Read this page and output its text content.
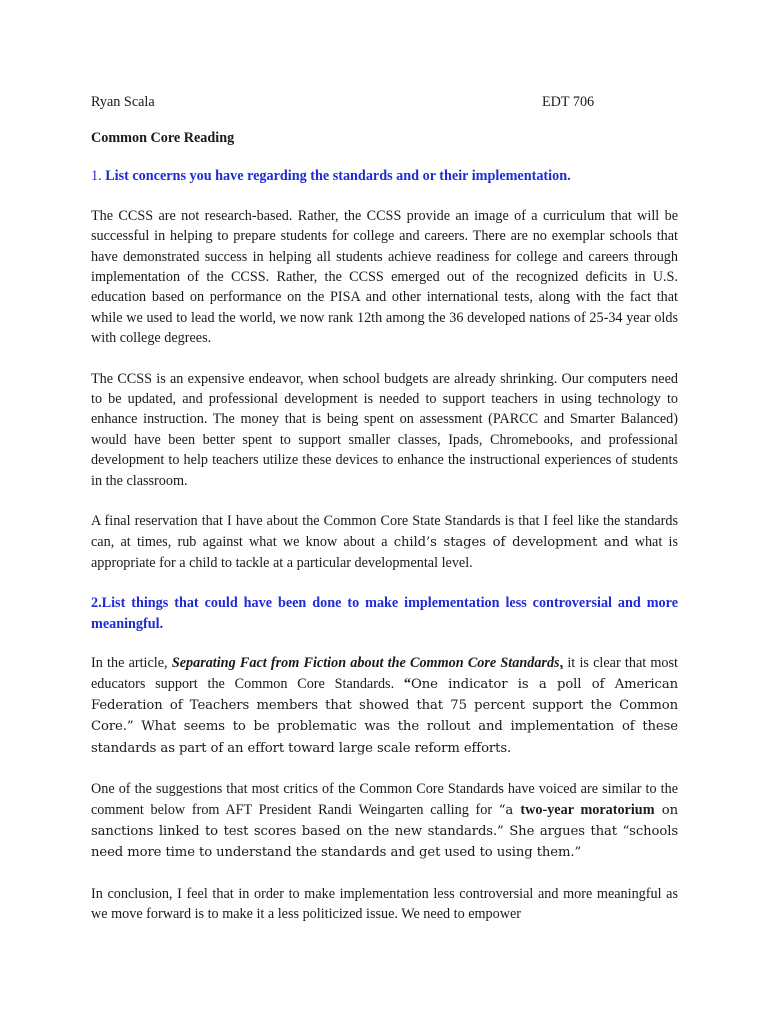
Ryan Scala	EDT 706
Common Core Reading
1. List concerns you have regarding the standards and or their implementation.

The CCSS are not research-based. Rather, the CCSS provide an image of a curriculum that will be successful in helping to prepare students for college and careers. There are no exemplar schools that have demonstrated success in helping all students achieve readiness for college and careers through implementation of the CCSS. Rather, the CCSS emerged out of the recognized deficits in U.S. education based on performance on the PISA and other international tests, along with the fact that while we used to lead the world, we now rank 12th among the 36 developed nations of 25-34 year olds with college degrees.

The CCSS is an expensive endeavor, when school budgets are already shrinking. Our computers need to be updated, and professional development is needed to support teachers in using technology to enhance instruction. The money that is being spent on assessment (PARCC and Smarter Balanced) would have been better spent to support smaller classes, Ipads, Chromebooks, and professional development to help teachers utilize these devices to enhance the instructional experiences of students in the classroom.

A final reservation that I have about the Common Core State Standards is that I feel like the standards can, at times, rub against what we know about a child’s stages of development and what is appropriate for a child to tackle at a particular developmental level.

2.List things that could have been done to make implementation less controversial and more meaningful.

In the article, Separating Fact from Fiction about the Common Core Standards, it is clear that most educators support the Common Core Standards. “One indicator is a poll of American Federation of Teachers members that showed that 75 percent support the Common Core.” What seems to be problematic was the rollout and implementation of these standards as part of an effort toward large scale reform efforts.

One of the suggestions that most critics of the Common Core Standards have voiced are similar to the comment below from AFT President Randi Weingarten calling for “a two-year moratorium on sanctions linked to test scores based on the new standards.” She argues that “schools need more time to understand the standards and get used to using them.”

In conclusion, I feel that in order to make implementation less controversial and more meaningful as we move forward is to make it a less politicized issue. We need to empower
